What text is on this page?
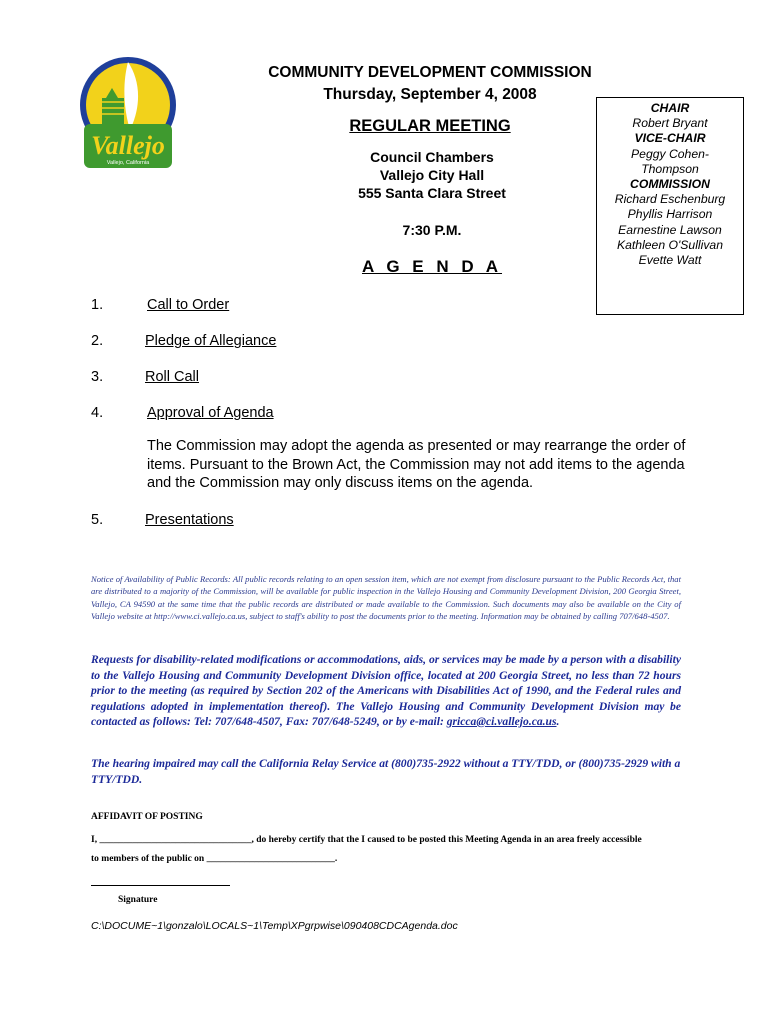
Vallejo
Vallejo, California
COMMUNITY DEVELOPMENT COMMISSION
Thursday, September 4, 2008
REGULAR MEETING
Council Chambers
Vallejo City Hall
555 Santa Clara Street
7:30 P.M.
A G E N D A
CHAIR
Robert Bryant
VICE-CHAIR
Peggy Cohen-
Thompson
COMMISSION
Richard Eschenburg
Phyllis Harrison
Earnestine Lawson
Kathleen O'Sullivan
Evette Watt
1.	Call to Order
2.	Pledge of Allegiance
3.	Roll Call
4.	Approval of Agenda
The Commission may adopt the agenda as presented or may rearrange the order of items. Pursuant to the Brown Act, the Commission may not add items to the agenda and the Commission may only discuss items on the agenda.
5.	Presentations
Notice of Availability of Public Records: All public records relating to an open session item, which are not exempt from disclosure pursuant to the Public Records Act, that are distributed to a majority of the Commission, will be available for public inspection in the Vallejo Housing and Community Development Division, 200 Georgia Street, Vallejo, CA 94590 at the same time that the public records are distributed or made available to the Commission. Such documents may also be available on the City of Vallejo website at http://www.ci.vallejo.ca.us, subject to staff's ability to post the documents prior to the meeting. Information may be obtained by calling 707/648-4507.
Requests for disability-related modifications or accommodations, aids, or services may be made by a person with a disability to the Vallejo Housing and Community Development Division office, located at 200 Georgia Street, no less than 72 hours prior to the meeting (as required by Section 202 of the Americans with Disabilities Act of 1990, and the Federal rules and regulations adopted in implementation thereof). The Vallejo Housing and Community Development Division may be contacted as follows: Tel: 707/648-4507, Fax: 707/648-5249, or by e-mail: gricca@ci.vallejo.ca.us.
The hearing impaired may call the California Relay Service at (800)735-2922 without a TTY/TDD, or (800)735-2929 with a TTY/TDD.
AFFIDAVIT OF POSTING
I, ________________________________, do hereby certify that the I caused to be posted this Meeting Agenda in an area freely accessible
to members of the public on ___________________________.
Signature
C:\DOCUME~1\gonzalo\LOCALS~1\Temp\XPgrpwise\090408CDCAgenda.doc
